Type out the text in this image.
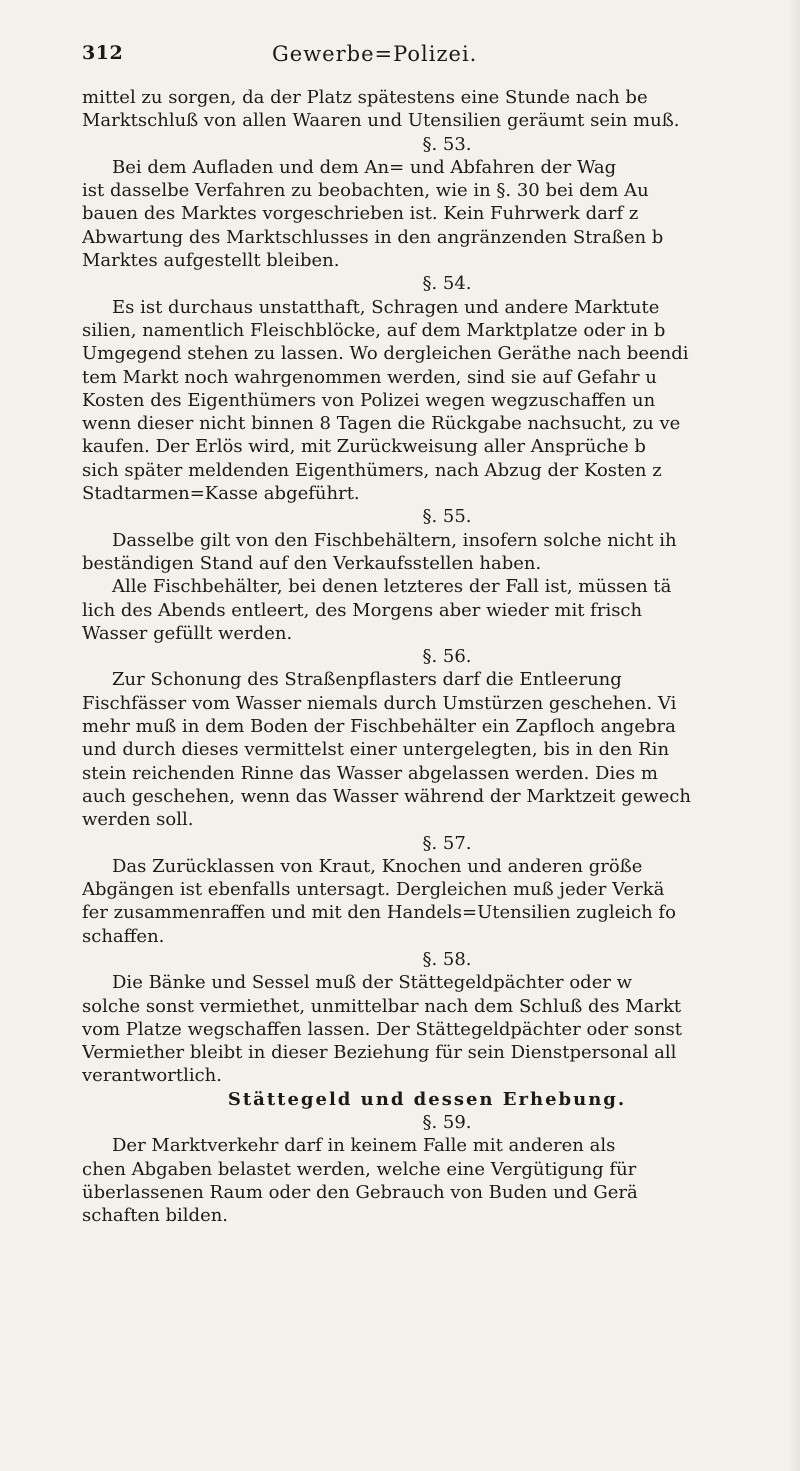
312	Gewerbe=Polizei.
mittel zu sorgen, da der Platz spätestens eine Stunde nach be
Marktschluß von allen Waaren und Utensilien geräumt sein muß.
§. 53.
Bei dem Aufladen und dem An= und Abfahren der Wag
ist dasselbe Verfahren zu beobachten, wie in §. 30 bei dem Au
bauen des Marktes vorgeschrieben ist. Kein Fuhrwerk darf z
Abwartung des Marktschlusses in den angränzenden Straßen b
Marktes aufgestellt bleiben.
§. 54.
Es ist durchaus unstatthaft, Schragen und andere Marktute
silien, namentlich Fleischblöcke, auf dem Marktplatze oder in b
Umgegend stehen zu lassen. Wo dergleichen Geräthe nach beendi
tem Markt noch wahrgenommen werden, sind sie auf Gefahr u
Kosten des Eigenthümers von Polizei wegen wegzuschaffen un
wenn dieser nicht binnen 8 Tagen die Rückgabe nachsucht, zu ve
kaufen. Der Erlös wird, mit Zurückweisung aller Ansprüche b
sich später meldenden Eigenthümers, nach Abzug der Kosten z
Stadtarmen=Kasse abgeführt.
§. 55.
Dasselbe gilt von den Fischbehältern, insofern solche nicht ih
beständigen Stand auf den Verkaufsstellen haben.
Alle Fischbehälter, bei denen letzteres der Fall ist, müssen tä
lich des Abends entleert, des Morgens aber wieder mit frisch
Wasser gefüllt werden.
§. 56.
Zur Schonung des Straßenpflasters darf die Entleerung
Fischfässer vom Wasser niemals durch Umstürzen geschehen. Vi
mehr muß in dem Boden der Fischbehälter ein Zapfloch angebra
und durch dieses vermittelst einer untergelegten, bis in den Rin
stein reichenden Rinne das Wasser abgelassen werden. Dies m
auch geschehen, wenn das Wasser während der Marktzeit gewech
werden soll.
§. 57.
Das Zurücklassen von Kraut, Knochen und anderen größe
Abgängen ist ebenfalls untersagt. Dergleichen muß jeder Verkä
fer zusammenraffen und mit den Handels=Utensilien zugleich fo
schaffen.
§. 58.
Die Bänke und Sessel muß der Stättegeldpächter oder w
solche sonst vermiethet, unmittelbar nach dem Schluß des Markt
vom Platze wegschaffen lassen. Der Stättegeldpächter oder sonst
Vermiether bleibt in dieser Beziehung für sein Dienstpersonal all
verantwortlich.
Stättegeld und dessen Erhebung.
§. 59.
Der Marktverkehr darf in keinem Falle mit anderen als
chen Abgaben belastet werden, welche eine Vergütigung für
überlassenen Raum oder den Gebrauch von Buden und Gerä
schaften bilden.
